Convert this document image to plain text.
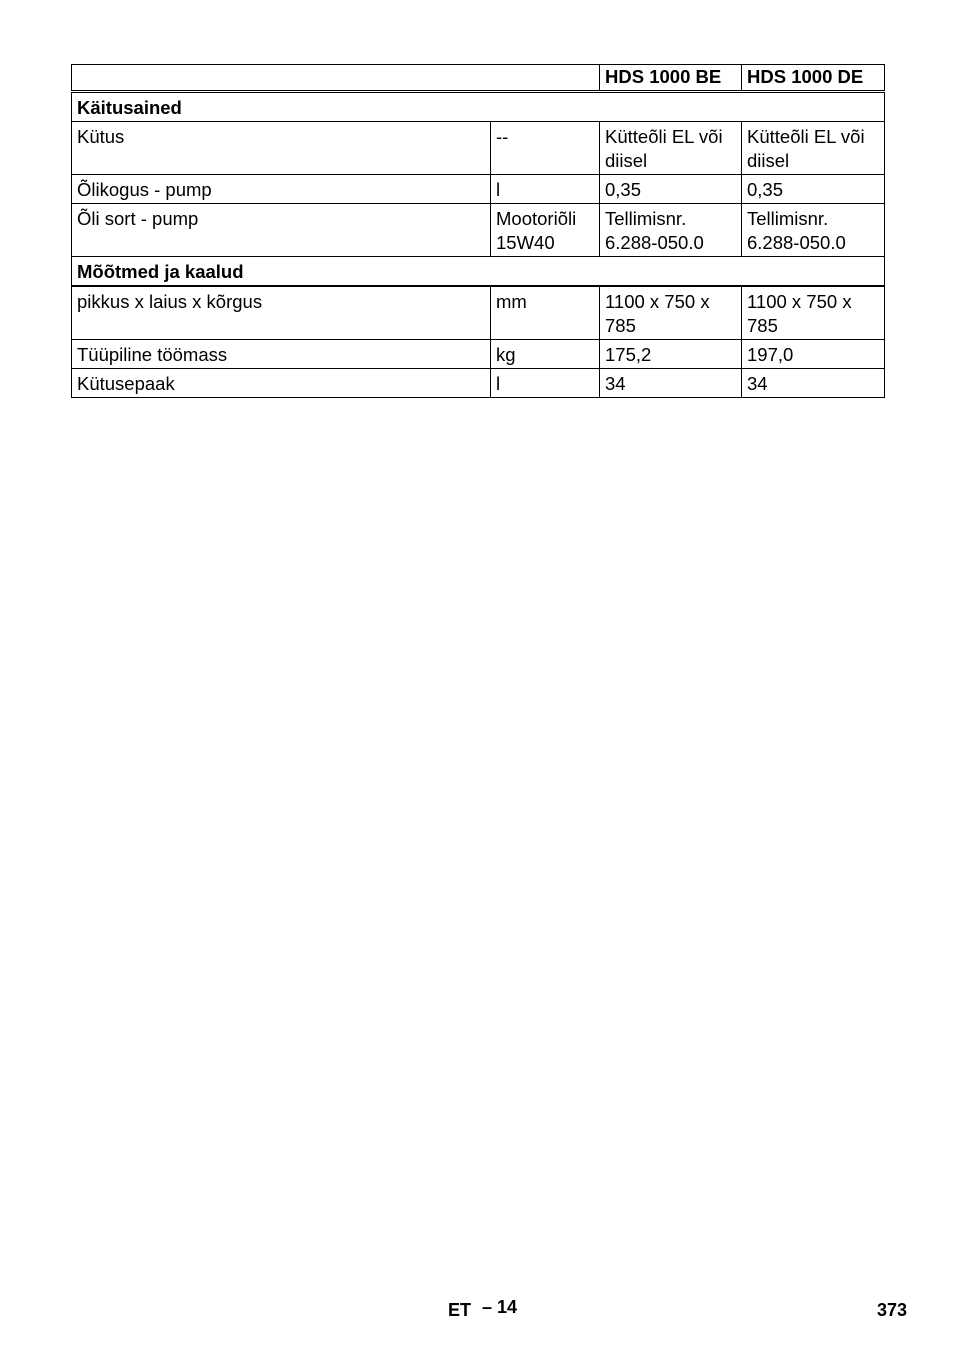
		HDS 1000 BE	HDS 1000 DE
Käitusained			
Kütus	--	Kütteõli EL või diisel	Kütteõli EL või diisel
Õlikogus - pump	l	0,35	0,35
Õli sort - pump	Mootoriõli 15W40	Tellimisnr. 6.288-050.0	Tellimisnr. 6.288-050.0
Mõõtmed ja kaalud			
pikkus x laius x kõrgus	mm	1100 x 750 x 785	1100 x 750 x 785
Tüüpiline töömass	kg	175,2	197,0
Kütusepaak	l	34	34
ET – 14	373
